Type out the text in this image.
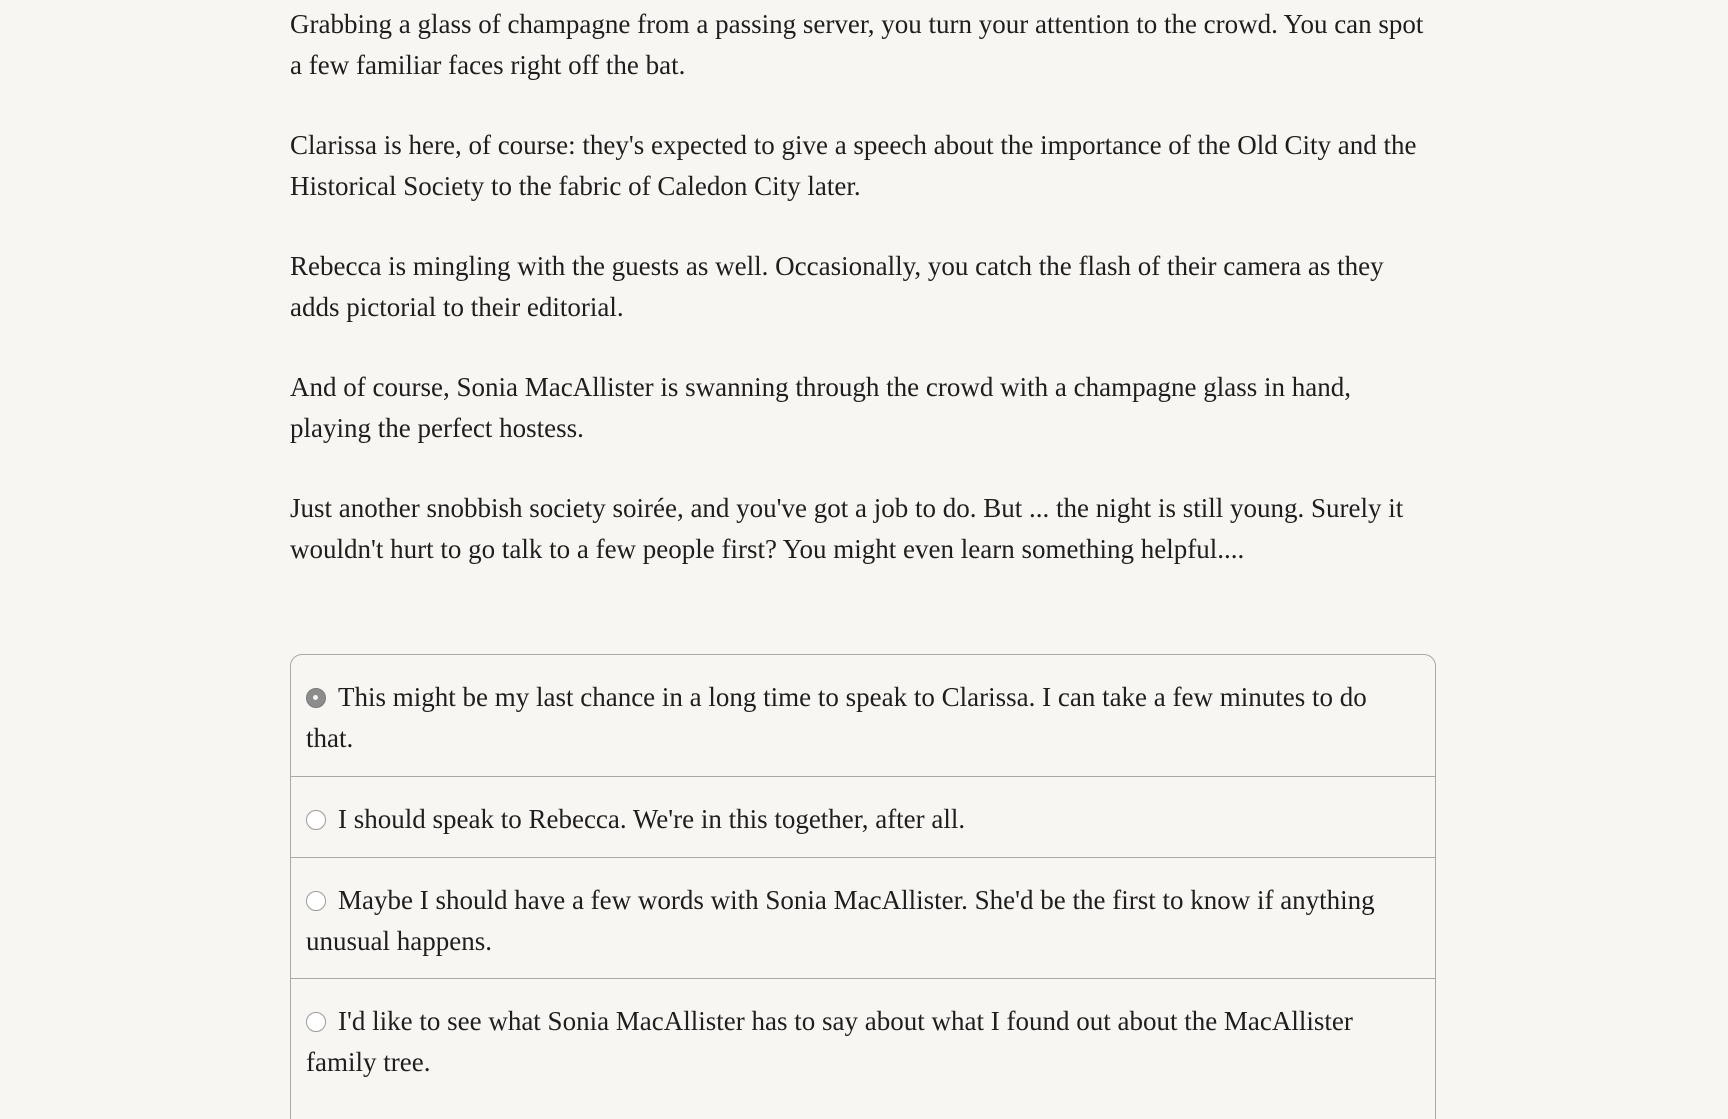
Grabbing a glass of champagne from a passing server, you turn your attention to the crowd. You can spot a few familiar faces right off the bat.

Clarissa is here, of course: they's expected to give a speech about the importance of the Old City and the Historical Society to the fabric of Caledon City later.

Rebecca is mingling with the guests as well. Occasionally, you catch the flash of their camera as they adds pictorial to their editorial.

And of course, Sonia MacAllister is swanning through the crowd with a champagne glass in hand, playing the perfect hostess.

Just another snobbish society soirée, and you've got a job to do. But ... the night is still young. Surely it wouldn't hurt to go talk to a few people first? You might even learn something helpful....

This might be my last chance in a long time to speak to Clarissa. I can take a few minutes to do that.
I should speak to Rebecca. We're in this together, after all.
Maybe I should have a few words with Sonia MacAllister. She'd be the first to know if anything unusual happens.
I'd like to see what Sonia MacAllister has to say about what I found out about the MacAllister family tree.
